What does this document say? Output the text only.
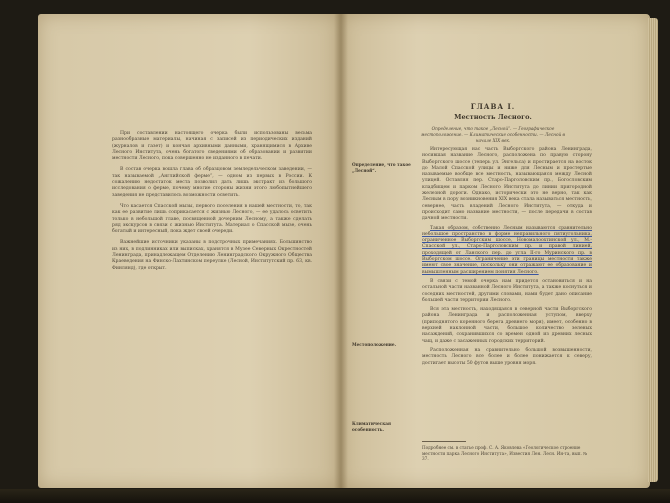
При составлении настоящего очерка были использованы весьма разнообразные материалы, начиная с записей из периодических изданий (журналов и газет) и кончая архивными данными, хранящимися в Архиве Лесного Института, очень богатого сведениями об образовании и развитии местности Лесного, пока совершенно не изданного в печати.

В состав очерка вошла глава об образцовом земледельческом заведении, — так называемой „Английской ферме“, — одном из первых в России. К сожалению недостаток места позволил дать лишь экстракт из большого исследования о ферме, почему многие стороны жизни этого любопытнейшего заведения не представилось возможности осветить.

Что касается Спасской мызы, первого поселения в нашей местности, то, так как ее развитие лишь соприкасается с жизнью Лесного, — ее удалось осветить только в небольшой главе, посвященной дочерним Лесному, а также сделать ряд экскурсов в связи с жизнью Института. Материал о Спасской мызе, очень богатый и интересный, пока ждет своей очереди.

Важнейшие источники указаны в подстрочных примечаниях. Большинство из них, в подлинниках или выписках, хранятся в Музее Северных Окрестностей Ленинграда, принадлежащем Отделению Ленинградского Окружного Общества Краеведения на Финско-Лахтинском переулке (Лесной, Институтский пр. 63, кв. Финлянд), где открыт.

ГЛАВА I.
Местность Лесного.
Определение, что такое „Лесной“. — Географическое местоположение. — Климатические особенности. — Лесной в начале XIX век.
Определение, что такое „Лесной“.
Местоположение.
Климатическая особенность.

Интересующая нас часть Выборгского района Ленинграда, носившая название Лесного, расположена по правую сторону Выборгского шоссе (теперь ул. Энгельса) и простирается на восток до Малой Спасской улицы и ниже для Лесным и простертые называемые вообще все местность, называющаяся между Лесной улицей. Оставляя пер. Старо-Парголовским пр., Богословским кладбищем и парком Лесного Института до линии пригородной железной дороги. Однако, исторически это не верно, так как Лесным в пору возникновения XIX века стала называться местность, севернее, часть владений Лесного Института, — откуда и происходит само название местности, — после передачи в состав дачной местности.

Такая образом, собственно Лесным называются сравнительно небольшое пространство в форме неправильного пятиугольника, ограниченное Выборгским шоссе, Новомалоохтинской ул., М.-Спасской ул., Старо-Парголовским пр. и правой линией, проходящей от Ланского пер. до угла II-го Муринского пр. в Выборгском шоссе. Ограничение эти границы местности также имеют свое значение, поскольку они отражают ее образование и вымышленным расширением понятия Лесного.

В связи с темой очерка нам придется остановиться и на остальной части названной Лесного Института, а также коснуться и соседних местностей, другими словами, нами будет дано описание большей части территории Лесного.

Вся эта местность, находящаяся в северной части Выборгского района Ленинграда и расположенная уступом, вверху (приподнятого коренного берега древнего моря), имеет, особенно в верхней наклонной части, большое количество зеленых насаждений, сохранившихся со времен одной из древних лесных чащ, и даже с засаженных городских территорий.

Расположенная на сравнительно большой возвышенности, местность Лесного все более и более понижается к северу, достигает высоты 50 футов выше уровня моря.

Подробнее см. в статье проф. С. А. Яковлева «Геологическое строение местности парка Лесного Института», Известия Лен. Лесн. Ин-та, вып. № 37.
